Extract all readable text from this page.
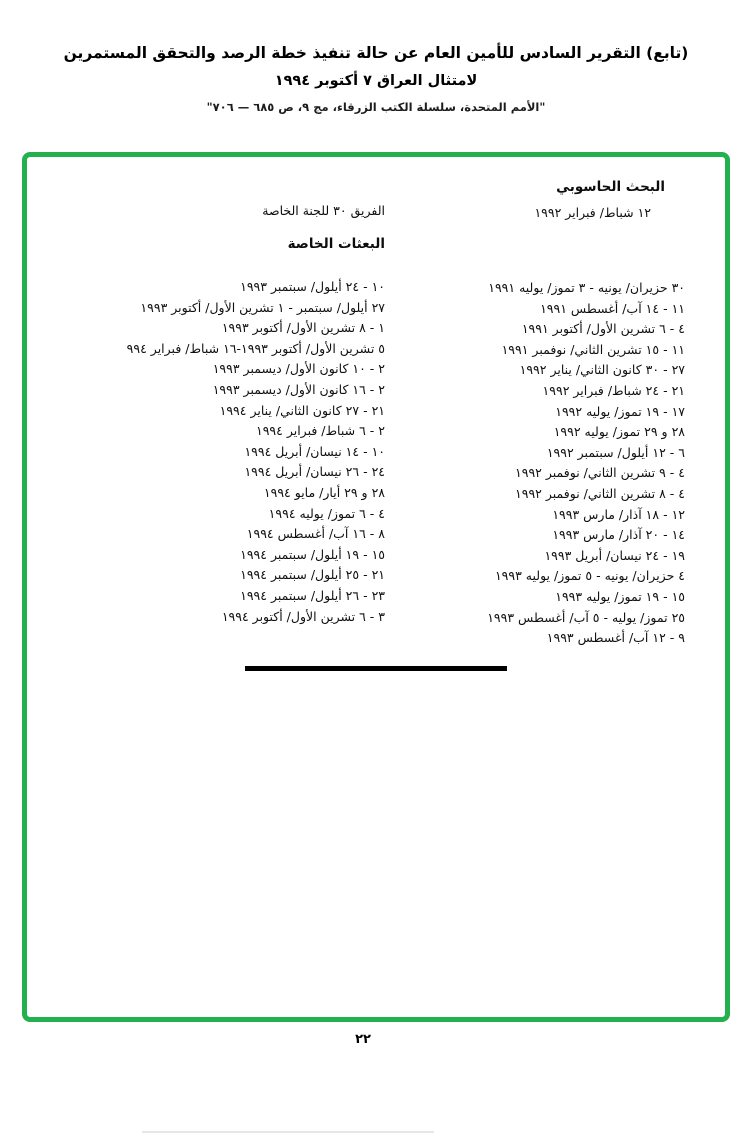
(تابع) التقرير السادس للأمين العام عن حالة تنفيذ خطة الرصد والتحقق المستمرين
لامتثال العراق ٧ أكتوبر ١٩٩٤
"الأمم المتحدة، سلسلة الكتب الزرقاء، مج ٩، ص ٦٨٥ — ٧٠٦"
البحث الحاسوبي
١٢ شباط/ فبراير ١٩٩٢
٣٠ حزيران/ يونيه - ٣ تموز/ يوليه ١٩٩١
١١ - ١٤ آب/ أغسطس ١٩٩١
٤ - ٦ تشرين الأول/ أكتوبر ١٩٩١
١١ - ١٥ تشرين الثاني/ نوفمبر ١٩٩١
٢٧ - ٣٠ كانون الثاني/ يناير ١٩٩٢
٢١ - ٢٤ شباط/ فبراير ١٩٩٢
١٧ - ١٩ تموز/ يوليه ١٩٩٢
٢٨ و ٢٩ تموز/ يوليه ١٩٩٢
٦ - ١٢ أيلول/ سبتمبر ١٩٩٢
٤ - ٩ تشرين الثاني/ نوفمبر ١٩٩٢
٤ - ٨ تشرين الثاني/ نوفمبر ١٩٩٢
١٢ - ١٨ آذار/ مارس ١٩٩٣
١٤ - ٢٠ آذار/ مارس ١٩٩٣
١٩ - ٢٤ نيسان/ أبريل ١٩٩٣
٤ حزيران/ يونيه - ٥ تموز/ يوليه ١٩٩٣
١٥ - ١٩ تموز/ يوليه ١٩٩٣
٢٥ تموز/ يوليه - ٥ آب/ أغسطس ١٩٩٣
٩ - ١٢ آب/ أغسطس ١٩٩٣
الفريق ٣٠ للجنة الخاصة
البعثات الخاصة
١٠ - ٢٤ أيلول/ سبتمبر ١٩٩٣
٢٧ أيلول/ سبتمبر - ١ تشرين الأول/ أكتوبر ١٩٩٣
١ - ٨ تشرين الأول/ أكتوبر ١٩٩٣
٥ تشرين الأول/ أكتوبر ١٩٩٣-١٦ شباط/ فبراير ٩٩٤
٢ - ١٠ كانون الأول/ ديسمبر ١٩٩٣
٢ - ١٦ كانون الأول/ ديسمبر ١٩٩٣
٢١ - ٢٧ كانون الثاني/ يناير ١٩٩٤
٢ - ٦ شباط/ فبراير ١٩٩٤
١٠ - ١٤ نيسان/ أبريل ١٩٩٤
٢٤ - ٢٦ نيسان/ أبريل ١٩٩٤
٢٨ و ٢٩ أيار/ مايو ١٩٩٤
٤ - ٦ تموز/ يوليه ١٩٩٤
٨ - ١٦ آب/ أغسطس ١٩٩٤
١٥ - ١٩ أيلول/ سبتمبر ١٩٩٤
٢١ - ٢٥ أيلول/ سبتمبر ١٩٩٤
٢٣ - ٢٦ أيلول/ سبتمبر ١٩٩٤
٣ - ٦ تشرين الأول/ أكتوبر ١٩٩٤
٢٢
